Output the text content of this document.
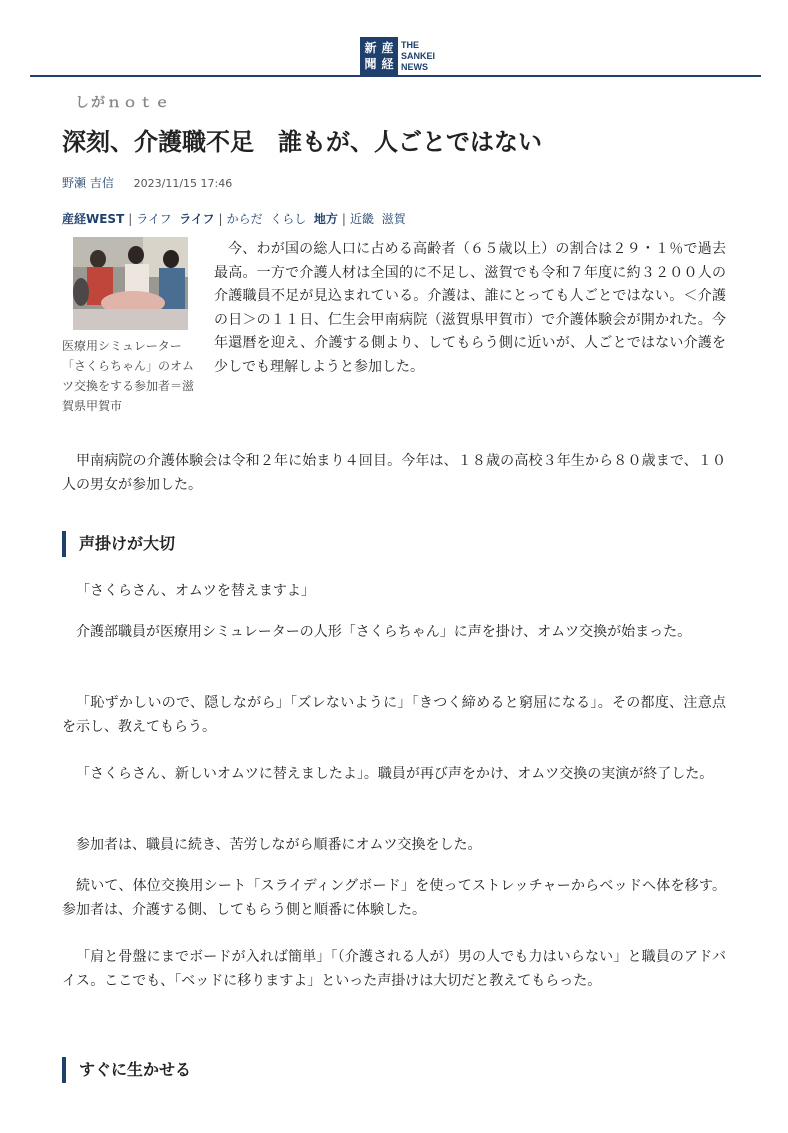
新 産
聞 経
THE
SANKEI
NEWS
しがｎｏｔｅ
深刻、介護職不足　誰もが、人ごとではない
野瀬 吉信 2023/11/15 17:46
産経WEST | ライフ ライフ | からだ くらし 地方 | 近畿 滋賀
医療用シミュレーター「さくらちゃん」のオムツ交換をする参加者＝滋賀県甲賀市

今、わが国の総人口に占める高齢者（６５歳以上）の割合は２９・１％で過去最高。一方で介護人材は全国的に不足し、滋賀でも令和７年度に約３２００人の介護職員不足が見込まれている。介護は、誰にとっても人ごとではない。＜介護の日＞の１１日、仁生会甲南病院（滋賀県甲賀市）で介護体験会が開かれた。今年還暦を迎え、介護する側より、してもらう側に近いが、人ごとではない介護を少しでも理解しようと参加した。

甲南病院の介護体験会は令和２年に始まり４回目。今年は、１８歳の高校３年生から８０歳まで、１０人の男女が参加した。

声掛けが大切

「さくらさん、オムツを替えますよ」

介護部職員が医療用シミュレーターの人形「さくらちゃん」に声を掛け、オムツ交換が始まった。

「恥ずかしいので、隠しながら」「ズレないように」「きつく締めると窮屈になる」。その都度、注意点を示し、教えてもらう。

「さくらさん、新しいオムツに替えましたよ」。職員が再び声をかけ、オムツ交換の実演が終了した。

参加者は、職員に続き、苦労しながら順番にオムツ交換をした。

続いて、体位交換用シート「スライディングボード」を使ってストレッチャーからベッドへ体を移す。参加者は、介護する側、してもらう側と順番に体験した。

「肩と骨盤にまでボードが入れば簡単」「（介護される人が）男の人でも力はいらない」と職員のアドバイス。ここでも、「ベッドに移りますよ」といった声掛けは大切だと教えてもらった。

すぐに生かせる
